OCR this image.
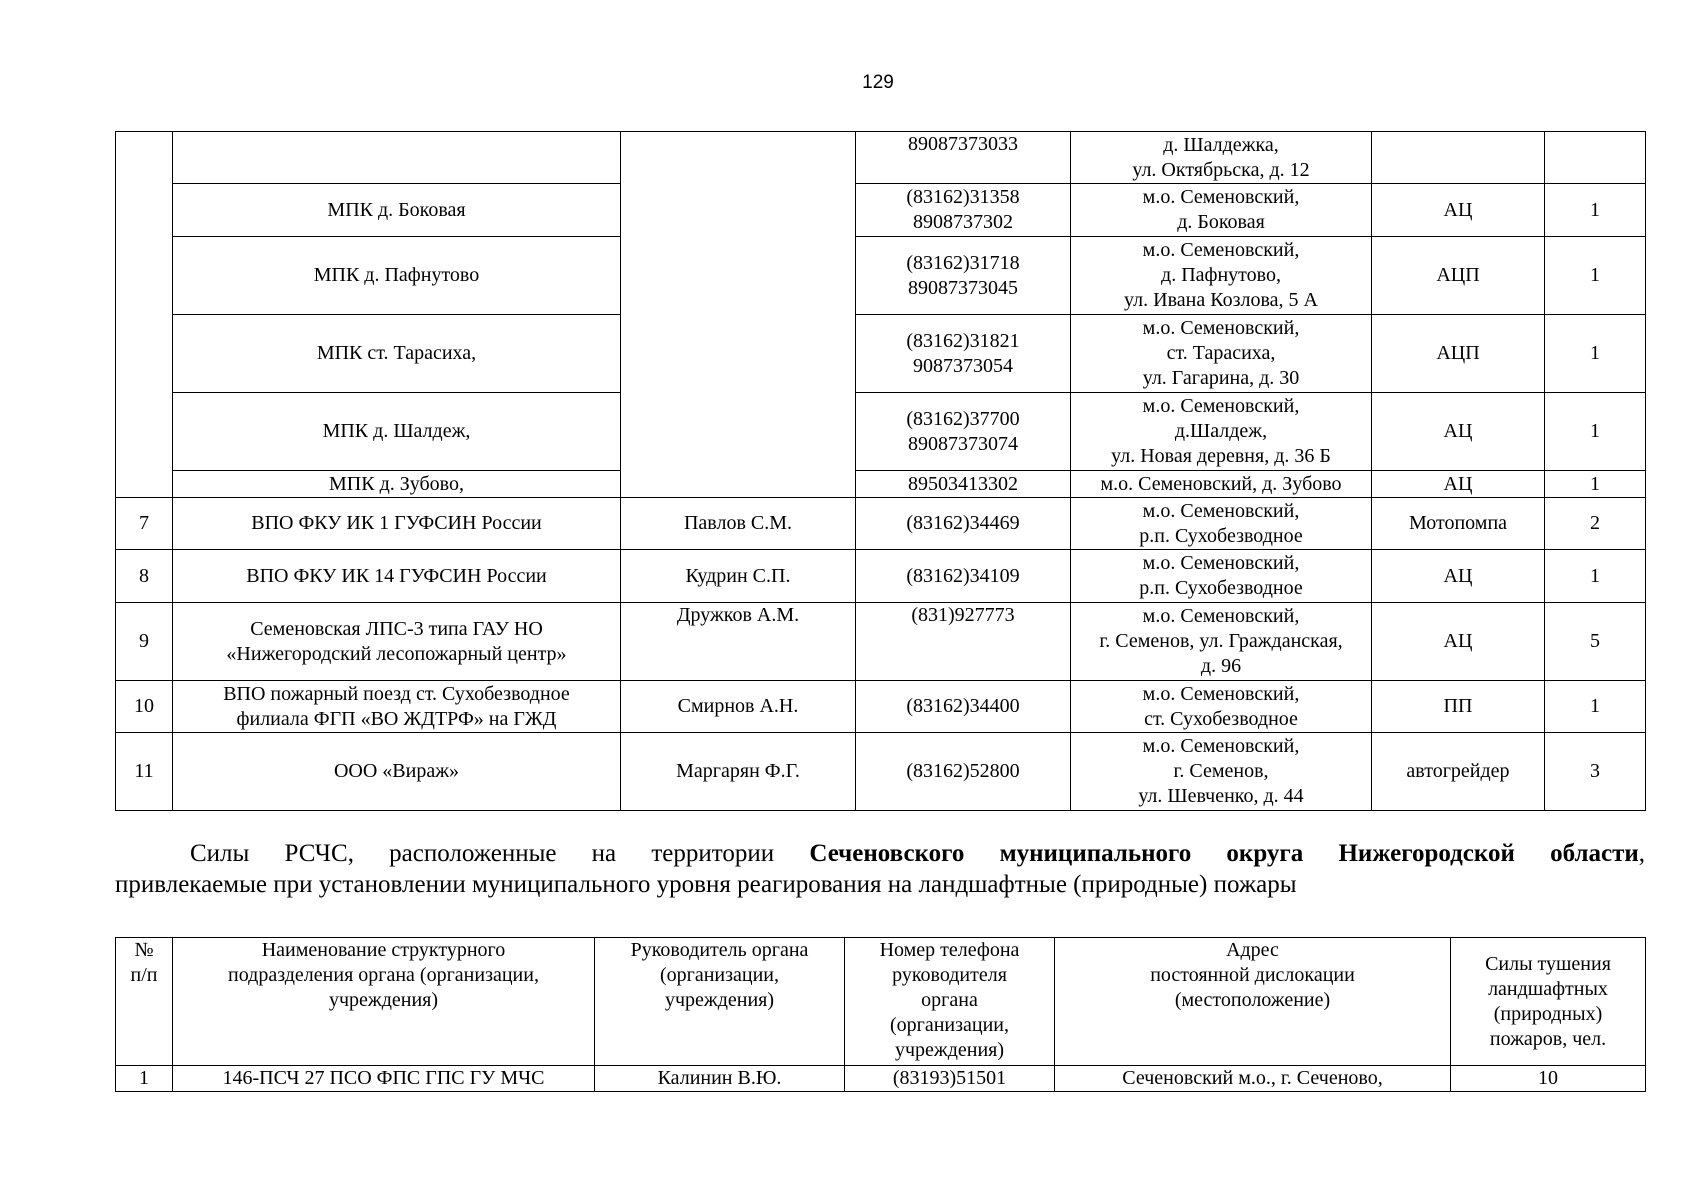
129
			89087373033	д. Шалдежка,
ул. Октябрьска, д. 12		
	МПК д. Боковая		(83162)31358
8908737302	м.о. Семеновский,
д. Боковая	АЦ	1
	МПК д. Пафнутово		(83162)31718
89087373045	м.о. Семеновский,
д. Пафнутово,
ул. Ивана Козлова, 5 А	АЦП	1
	МПК ст. Тарасиха,		(83162)31821
9087373054	м.о. Семеновский,
ст. Тарасиха,
ул. Гагарина, д. 30	АЦП	1
	МПК д. Шалдеж,		(83162)37700
89087373074	м.о. Семеновский,
д.Шалдеж,
ул. Новая деревня, д. 36 Б	АЦ	1
	МПК д. Зубово,		89503413302	м.о. Семеновский, д. Зубово	АЦ	1
7	ВПО ФКУ ИК 1 ГУФСИН России	Павлов С.М.	(83162)34469	м.о. Семеновский,
р.п. Сухобезводное	Мотопомпа	2
8	ВПО ФКУ ИК 14 ГУФСИН России	Кудрин С.П.	(83162)34109	м.о. Семеновский,
р.п. Сухобезводное	АЦ	1
9	Семеновская ЛПС-3 типа ГАУ НО
«Нижегородский лесопожарный центр»	Дружков А.М.	(831)927773	м.о. Семеновский,
г. Семенов, ул. Гражданская,
д. 96	АЦ	5
10	ВПО пожарный поезд ст. Сухобезводное
филиала ФГП «ВО ЖДТРФ» на ГЖД	Смирнов А.Н.	(83162)34400	м.о. Семеновский,
ст. Сухобезводное	ПП	1
11	ООО «Вираж»	Маргарян Ф.Г.	(83162)52800	м.о. Семеновский,
г. Семенов,
ул. Шевченко, д. 44	автогрейдер	3

Силы РСЧС, расположенные на территории Сеченовского муниципального округа Нижегородской области,

привлекаемые при установлении муниципального уровня реагирования на ландшафтные (природные) пожары

№
п/п	Наименование структурного
подразделения органа (организации,
учреждения)	Руководитель органа
(организации,
учреждения)	Номер телефона
руководителя
органа
(организации,
учреждения)	Адрес
постоянной дислокации
(местоположение)	Силы тушения
ландшафтных
(природных)
пожаров, чел.
1	146-ПСЧ 27 ПСО ФПС ГПС ГУ МЧС	Калинин В.Ю.	(83193)51501	Сеченовский м.о., г. Сеченово,	10
